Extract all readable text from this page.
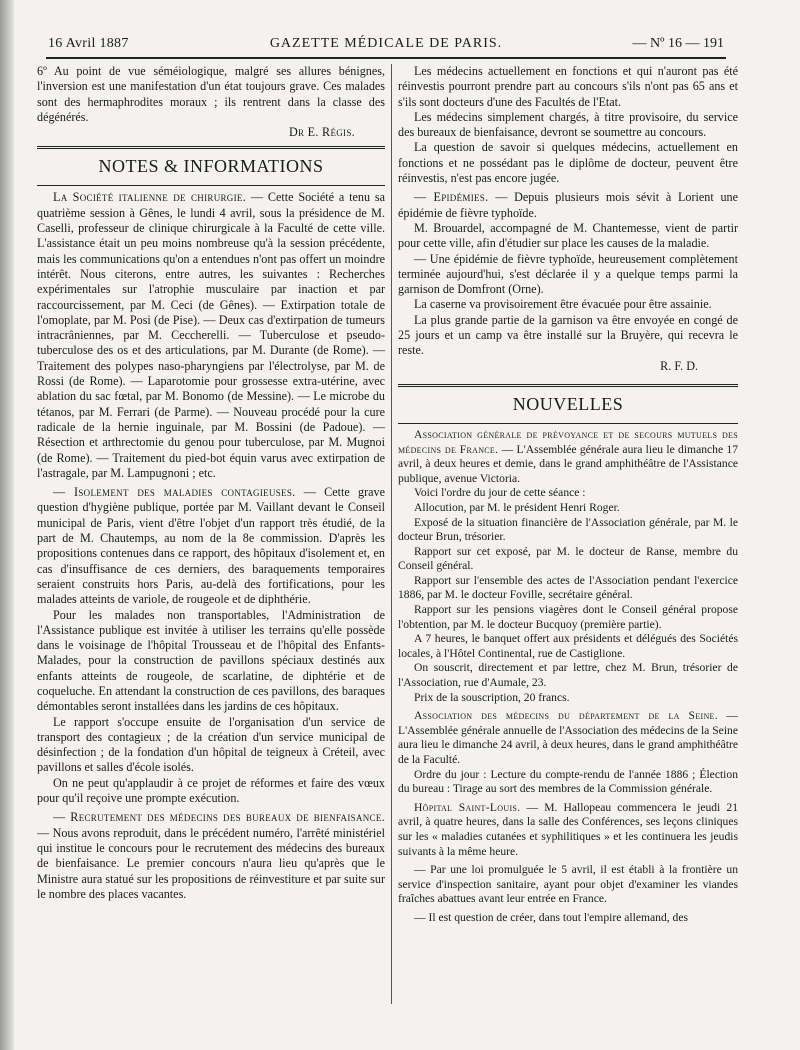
16 Avril 1887	GAZETTE MÉDICALE DE PARIS.	— Nº 16 — 191

6º Au point de vue séméiologique, malgré ses allures bénignes, l'inversion est une manifestation d'un état toujours grave. Ces malades sont des hermaphrodites moraux ; ils rentrent dans la classe des dégénérés.

Dr E. Régis.

NOTES & INFORMATIONS

La Société italienne de chirurgie. — Cette Société a tenu sa quatrième session à Gênes, le lundi 4 avril, sous la présidence de M. Caselli, professeur de clinique chirurgicale à la Faculté de cette ville. L'assistance était un peu moins nombreuse qu'à la session précédente, mais les communications qu'on a entendues n'ont pas offert un moindre intérêt. Nous citerons, entre autres, les suivantes : Recherches expérimentales sur l'atrophie musculaire par inaction et par raccourcissement, par M. Ceci (de Gênes). — Extirpation totale de l'omoplate, par M. Posi (de Pise). — Deux cas d'extirpation de tumeurs intracrâniennes, par M. Ceccherelli. — Tuberculose et pseudo-tuberculose des os et des articulations, par M. Durante (de Rome). — Traitement des polypes naso-pharyngiens par l'électrolyse, par M. de Rossi (de Rome). — Laparotomie pour grossesse extra-utérine, avec ablation du sac fœtal, par M. Bonomo (de Messine). — Le microbe du tétanos, par M. Ferrari (de Parme). — Nouveau procédé pour la cure radicale de la hernie inguinale, par M. Bossini (de Padoue). — Résection et arthrectomie du genou pour tuberculose, par M. Mugnoi (de Rome). — Traitement du pied-bot équin varus avec extirpation de l'astragale, par M. Lampugnoni ; etc.

— Isolement des maladies contagieuses. — Cette grave question d'hygiène publique, portée par M. Vaillant devant le Conseil municipal de Paris, vient d'être l'objet d'un rapport très étudié, de la part de M. Chautemps, au nom de la 8e commission. D'après les propositions contenues dans ce rapport, des hôpitaux d'isolement et, en cas d'insuffisance de ces derniers, des baraquements temporaires seraient construits hors Paris, au-delà des fortifications, pour les malades atteints de variole, de rougeole et de diphthérie.

Pour les malades non transportables, l'Administration de l'Assistance publique est invitée à utiliser les terrains qu'elle possède dans le voisinage de l'hôpital Trousseau et de l'hôpital des Enfants-Malades, pour la construction de pavillons spéciaux destinés aux enfants atteints de rougeole, de scarlatine, de diphtérie et de coqueluche. En attendant la construction de ces pavillons, des baraques démontables seront installées dans les jardins de ces hôpitaux.

Le rapport s'occupe ensuite de l'organisation d'un service de transport des contagieux ; de la création d'un service municipal de désinfection ; de la fondation d'un hôpital de teigneux à Créteil, avec pavillons et salles d'école isolés.

On ne peut qu'applaudir à ce projet de réformes et faire des vœux pour qu'il reçoive une prompte exécution.

— Recrutement des médecins des bureaux de bienfaisance. — Nous avons reproduit, dans le précédent numéro, l'arrêté ministériel qui institue le concours pour le recrutement des médecins des bureaux de bienfaisance. Le premier concours n'aura lieu qu'après que le Ministre aura statué sur les propositions de réinvestiture et par suite sur le nombre des places vacantes.

Les médecins actuellement en fonctions et qui n'auront pas été réinvestis pourront prendre part au concours s'ils n'ont pas 65 ans et s'ils sont docteurs d'une des Facultés de l'Etat.

Les médecins simplement chargés, à titre provisoire, du service des bureaux de bienfaisance, devront se soumettre au concours.

La question de savoir si quelques médecins, actuellement en fonctions et ne possédant pas le diplôme de docteur, peuvent être réinvestis, n'est pas encore jugée.

— Epidémies. — Depuis plusieurs mois sévit à Lorient une épidémie de fièvre typhoïde.

M. Brouardel, accompagné de M. Chantemesse, vient de partir pour cette ville, afin d'étudier sur place les causes de la maladie.

— Une épidémie de fièvre typhoïde, heureusement complètement terminée aujourd'hui, s'est déclarée il y a quelque temps parmi la garnison de Domfront (Orne).

La caserne va provisoirement être évacuée pour être assainie.

La plus grande partie de la garnison va être envoyée en congé de 25 jours et un camp va être installé sur la Bruyère, qui recevra le reste.

R. F. D.

NOUVELLES

Association générale de prévoyance et de secours mutuels des médecins de France. — L'Assemblée générale aura lieu le dimanche 17 avril, à deux heures et demie, dans le grand amphithéâtre de l'Assistance publique, avenue Victoria.

Voici l'ordre du jour de cette séance :

Allocution, par M. le président Henri Roger.

Exposé de la situation financière de l'Association générale, par M. le docteur Brun, trésorier.

Rapport sur cet exposé, par M. le docteur de Ranse, membre du Conseil général.

Rapport sur l'ensemble des actes de l'Association pendant l'exercice 1886, par M. le docteur Foville, secrétaire général.

Rapport sur les pensions viagères dont le Conseil général propose l'obtention, par M. le docteur Bucquoy (première partie).

A 7 heures, le banquet offert aux présidents et délégués des Sociétés locales, à l'Hôtel Continental, rue de Castiglione.

On souscrit, directement et par lettre, chez M. Brun, trésorier de l'Association, rue d'Aumale, 23.

Prix de la souscription, 20 francs.

Association des médecins du département de la Seine. — L'Assemblée générale annuelle de l'Association des médecins de la Seine aura lieu le dimanche 24 avril, à deux heures, dans le grand amphithéâtre de la Faculté.

Ordre du jour : Lecture du compte-rendu de l'année 1886 ; Élection du bureau : Tirage au sort des membres de la Commission générale.

Hôpital Saint-Louis. — M. Hallopeau commencera le jeudi 21 avril, à quatre heures, dans la salle des Conférences, ses leçons cliniques sur les « maladies cutanées et syphilitiques » et les continuera les jeudis suivants à la même heure.

— Par une loi promulguée le 5 avril, il est établi à la frontière un service d'inspection sanitaire, ayant pour objet d'examiner les viandes fraîches abattues avant leur entrée en France.

— Il est question de créer, dans tout l'empire allemand, des
